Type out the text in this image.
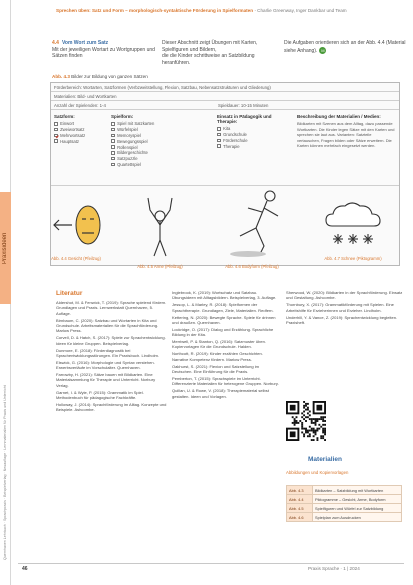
Quernhaven Lehrbuch · Sprachpraxis · Beispielverlag · Neuauflage · Lernmaterialien für Praxis und Unterricht
Praxisideen
Sprechen üben: Satz und Form – morphologisch-syntaktische Förderung in Spielformaten · Charlie Greenway, Inger Dankbar und Team
4.4 Vom Wort zum Satz
Mit der jeweiligen Wortart zu Wortgruppen und Sätzen finden
Dieser Abschnitt zeigt Übungen mit Karten, Spielfiguren und Bildern,
die die Kinder schrittweise an Satzbildung heranführen.
Die Aufgaben orientieren sich an der Abb. 4.4 (Material
siehe Anhang). M
Abb. 4.3 Bilder zur Bildung von ganzen Sätzen
Förderbereich: Wortarten, Satzformen (Verbzweitstellung, Flexion, Satzbau, Nebensatzstrukturen und Gliederung)
Materialien: Bild- und Wortkarten
Anzahl der Spielenden: 1-4	Spieldauer: 10-15 Minuten
Satzform:
Einwort
Zweiwortsatz
Mehrwortsatz
Hauptsatz
Spielform:
Spiel mit Satzkarten
Würfelspiel
Memoryspiel
Bewegungsspiel
Rollenspiel
Bildergeschichte
Satzpuzzle
Quartettspiel
Einsatz in Pädagogik und Therapie:
Kita
Grundschule
Förderschule
Therapie
Beschreibung der Materialien / Medien:
Bildkarten mit Szenen aus dem Alltag, dazu passende Wortkarten. Die Kinder legen Sätze mit den Karten und sprechen sie laut aus. Varianten: Satzteile vertauschen, Fragen bilden oder Sätze erweitern. Die Karten können mehrfach eingesetzt werden.
Abb. 4.4 Gesicht (Pfeilzug)
Abb. 4.5 Arme (Pfeilzug)	Abb. 4.6 Bodyform (Pfeilzug)
Abb. 4.7 Schnee (Piktogramm)
Literatur
Aldershot, M. & Fenwick, T. (2019): Sprache spielend fördern. Grundlagen und Praxis. Lernwerkstatt Quernhaven, 5. Auflage.
Birnbaum, C. (2020): Satzbau und Wortarten in Kita und Grundschule. Arbeitsmaterialien für die Sprachförderung. Marlow Press.
Corvell, D. & Hatch, S. (2017): Spiele zur Sprachentwicklung. Ideen für kleine Gruppen. Beispielverlag.
Dunmore, E. (2018): Förderdiagnostik bei Sprachentwicklungsstörungen. Ein Praxisbuch. Lindholm.
Elswick, G. (2016): Morphologie und Syntax verstehen. Erwerbsverläufe im Vorschulalter. Quernhaven.
Farrowby, H. (2021): Sätze bauen mit Bildkarten. Eine Materialsammlung für Therapie und Unterricht. Norbury Verlag.
Garnet, I. & Wyle, P. (2015): Grammatik im Spiel. Methodenbuch für pädagogische Fachkräfte.
Holloway, J. (2014): Sprachförderung im Alltag. Konzepte und Beispiele. Ashcombe.
Inglebrook, K. (2019): Wortschatz und Satzbau. Übungsideen mit Alltagsbildern. Beispielverlag, 3. Auflage.
Jessop, L. & Marley, R. (2018): Spielformen der Sprachtherapie. Grundlagen, Ziele, Materialien. Redfern.
Kettering, N. (2020): Bewegte Sprache. Spiele für drinnen und draußen. Quernhaven.
Lockridge, O. (2017): Dialog und Erzählung. Sprachliche Bildung in der Kita.
Merriwell, P. & Stanton, Q. (2016): Satzmuster üben. Kopiervorlagen für die Grundschule. Halden.
Northcott, R. (2019): Kinder erzählen Geschichten. Narrative Kompetenz fördern. Marlow Press.
Oakhurst, S. (2021): Flexion und Satzstellung im Deutschen. Eine Einführung für die Praxis.
Pemberton, T. (2015): Sprachspiele im Unterricht. Differenzierte Materialien für heterogene Gruppen. Norbury.
Quillan, U. & Rowe, V. (2018): Therapiematerial selbst gestalten. Ideen und Vorlagen.
Sherwood, W. (2020): Bildkarten in der Sprachförderung. Einsatz und Gestaltung. Ashcombe.
Thornbury, X. (2017): Grammatikförderung mit Spielen. Eine Arbeitshilfe für Erzieherinnen und Erzieher. Lindholm.
Underhill, Y. & Vance, Z. (2019): Sprachentwicklung begleiten. Praxisheft.
Materialien
Abbildungen und Kopiervorlagen
Abb. 4.3	Bildkarten – Satzbildung mit Wortkarten
Abb. 4.4	Piktogramme – Gesicht, Arme, Bodyform
Abb. 4.5	Spielfiguren und Würfel zur Satzbildung
Abb. 4.6	Spielplan zum Ausdrucken
46	Praxis Sprache · 1 | 2024
